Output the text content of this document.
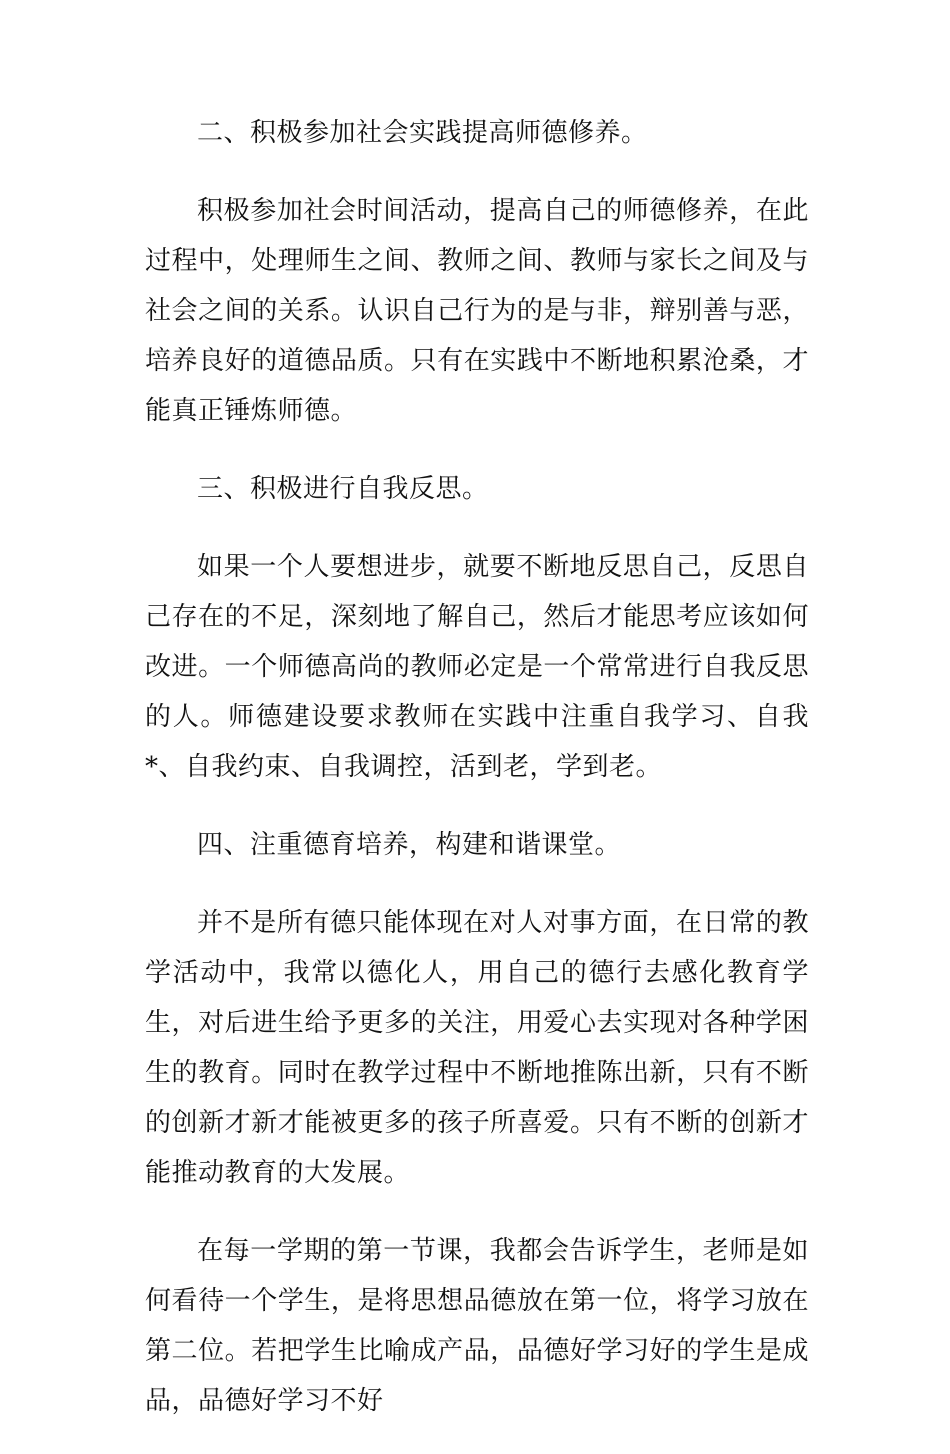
二、积极参加社会实践提高师德修养。

积极参加社会时间活动，提高自己的师德修养，在此过程中，处理师生之间、教师之间、教师与家长之间及与社会之间的关系。认识自己行为的是与非，辩别善与恶，培养良好的道德品质。只有在实践中不断地积累沧桑，才能真正锤炼师德。

三、积极进行自我反思。

如果一个人要想进步，就要不断地反思自己，反思自己存在的不足，深刻地了解自己，然后才能思考应该如何改进。一个师德高尚的教师必定是一个常常进行自我反思的人。师德建设要求教师在实践中注重自我学习、自我*、自我约束、自我调控，活到老，学到老。

四、注重德育培养，构建和谐课堂。

并不是所有德只能体现在对人对事方面，在日常的教学活动中，我常以德化人，用自己的德行去感化教育学生，对后进生给予更多的关注，用爱心去实现对各种学困生的教育。同时在教学过程中不断地推陈出新，只有不断的创新才新才能被更多的孩子所喜爱。只有不断的创新才能推动教育的大发展。

在每一学期的第一节课，我都会告诉学生，老师是如何看待一个学生，是将思想品德放在第一位，将学习放在第二位。若把学生比喻成产品，品德好学习好的学生是成品，品德好学习不好
